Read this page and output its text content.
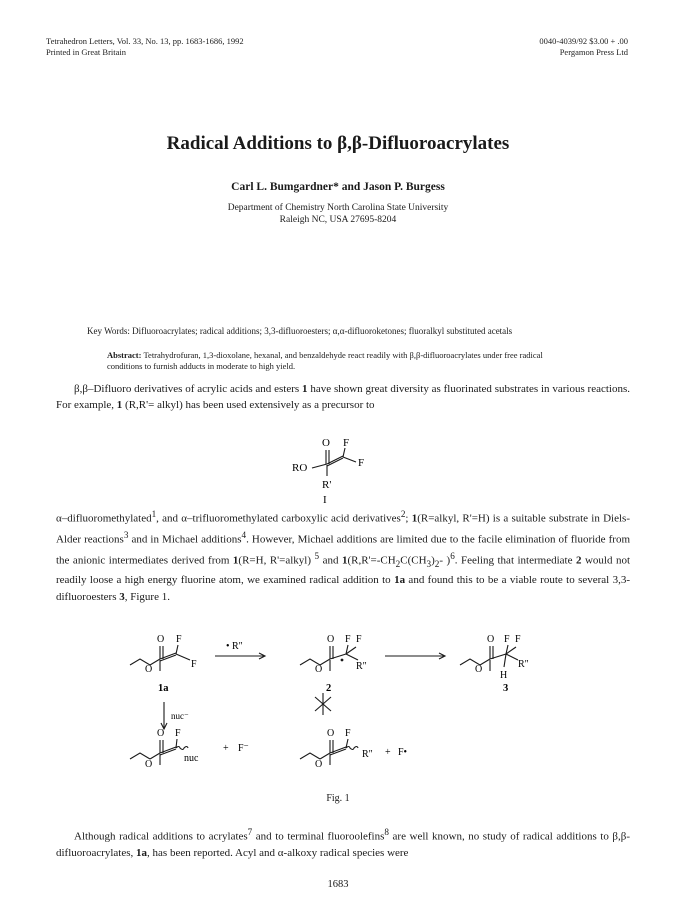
Tetrahedron Letters, Vol. 33, No. 13, pp. 1683-1686, 1992
Printed in Great Britain
0040-4039/92 $3.00 + .00
Pergamon Press Ltd
Radical Additions to β,β-Difluoroacrylates
Carl L. Bumgardner* and Jason P. Burgess
Department of Chemistry North Carolina State University
Raleigh NC, USA 27695-8204
Key Words: Difluoroacrylates; radical additions; 3,3-difluoroesters; α,α-difluoroketones; fluoralkyl substituted acetals
Abstract: Tetrahydrofuran, 1,3-dioxolane, hexanal, and benzaldehyde react readily with β,β-difluoroacrylates under free radical conditions to furnish adducts in moderate to high yield.

β,β–Difluoro derivatives of acrylic acids and esters 1 have shown great diversity as fluorinated substrates in various reactions. For example, 1 (R,R'= alkyl) has been used extensively as a precursor to

O F
RO	F
R'
I

α–difluoromethylated$^1$, and α–trifluoromethylated carboxylic acid derivatives$^2$; 1(R=alkyl, R'=H) is a suitable substrate in Diels-Alder reactions$^3$ and in Michael additions$^4$. However, Michael additions are limited due to the facile elimination of fluoride from the anionic intermediates derived from 1(R=H, R'=alkyl) $^5$ and $1(R,R'=-CH_2C(CH_3)_2-$ )$^6$. Feeling that intermediate 2 would not readily loose a high energy fluorine atom, we examined radical addition to 1a and found this to be a viable route to several 3,3-difluoroesters 3, Figure 1.

O F
O	F
1a
• R"
O F F
O	R"
2
O F F
O	R"
H
3
nuc⁻
O F
O
nuc
+ F⁻
O F
O
R" + F•
Fig. 1

Although radical additions to acrylates$^7$ and to terminal fluoroolefins$^8$ are well known, no study of radical additions to β,β-difluoroacrylates, 1a, has been reported. Acyl and α-alkoxy radical species were

1683
